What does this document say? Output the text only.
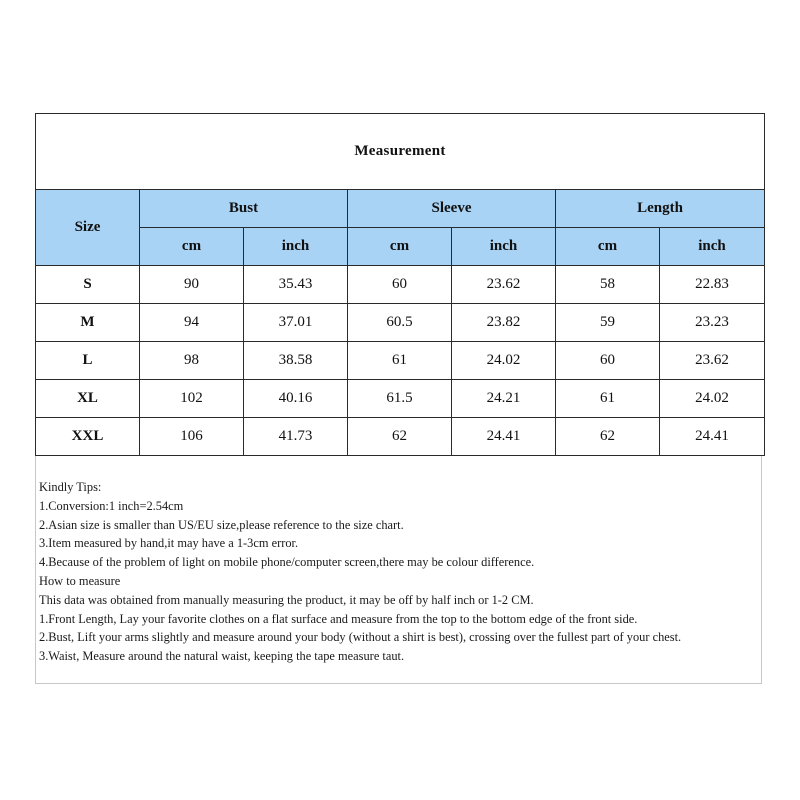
Measurement						
Size	Bust		Sleeve		Length	
	cm	inch	cm	inch	cm	inch
S	90	35.43	60	23.62	58	22.83
M	94	37.01	60.5	23.82	59	23.23
L	98	38.58	61	24.02	60	23.62
XL	102	40.16	61.5	24.21	61	24.02
XXL	106	41.73	62	24.41	62	24.41
Kindly Tips:
1.Conversion:1 inch=2.54cm
2.Asian size is smaller than US/EU size,please reference to the size chart.
3.Item measured by hand,it may have a 1-3cm error.
4.Because of the problem of light on mobile phone/computer screen,there may be colour difference.
How to measure
This data was obtained from manually measuring the product, it may be off by half inch or 1-2 CM.
1.Front Length, Lay your favorite clothes on a flat surface and measure from the top to the bottom edge of the front side.
2.Bust, Lift your arms slightly and measure around your body (without a shirt is best), crossing over the fullest part of your chest.
3.Waist, Measure around the natural waist, keeping the tape measure taut.
